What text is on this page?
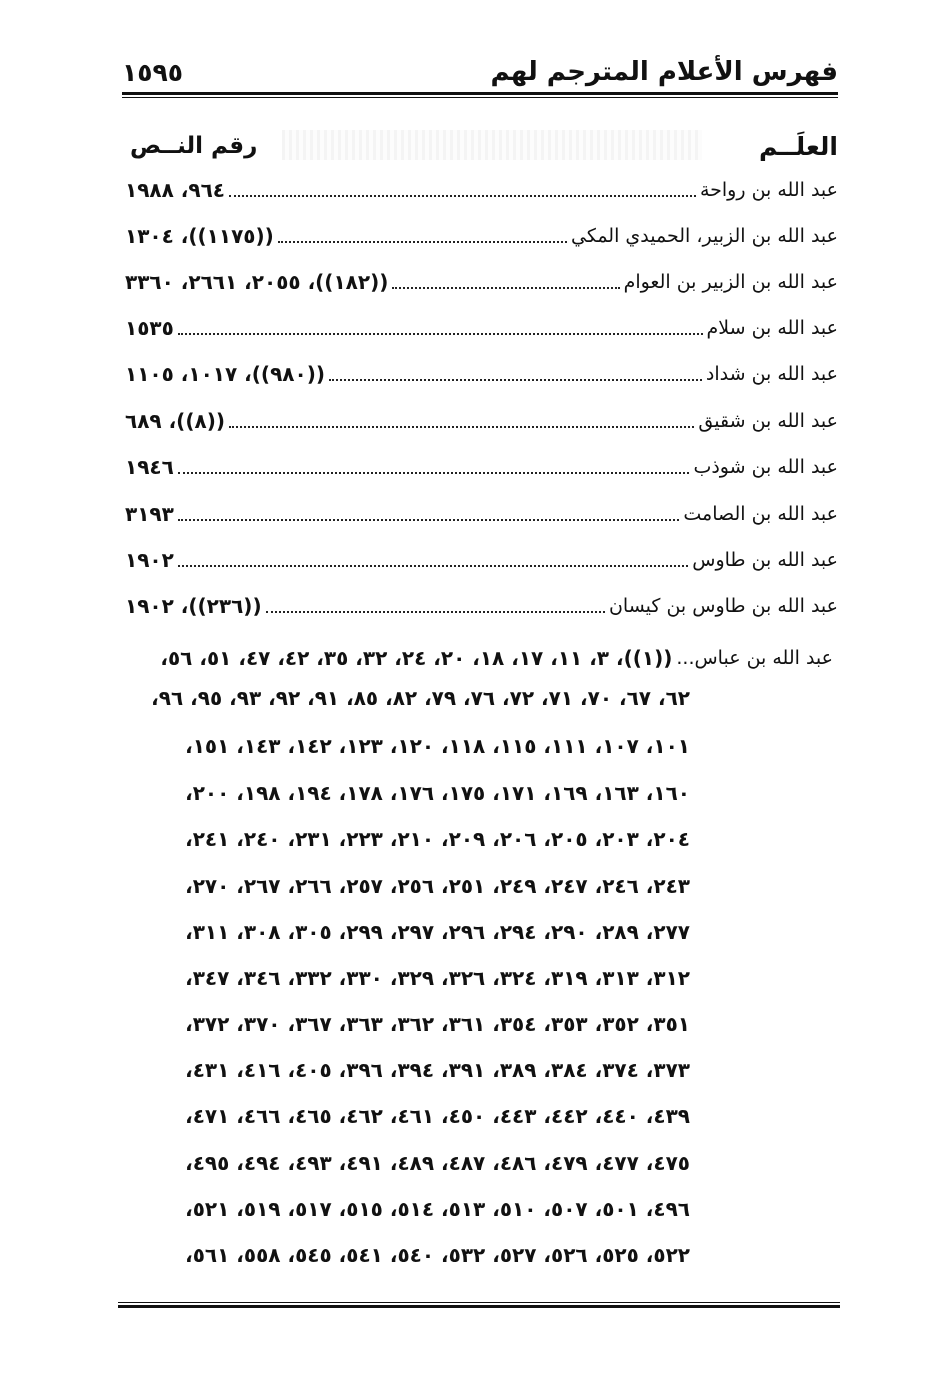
١٥٩٥	فهرس الأعلام المترجم لهم
العلَــم
رقم النــص
عبد الله بن رواحة
٩٦٤، ١٩٨٨
عبد الله بن الزبير، الحميدي المكي
((١١٧٥))، ١٣٠٤
عبد الله بن الزبير بن العوام
((١٨٢))، ٢٠٥٥، ٢٦٦١، ٣٣٦٠
عبد الله بن سلام
١٥٣٥
عبد الله بن شداد
((٩٨٠))، ١٠١٧، ١١٠٥
عبد الله بن شقيق
((٨))، ٦٨٩
عبد الله بن شوذب
١٩٤٦
عبد الله بن الصامت
٣١٩٣
عبد الله بن طاوس
١٩٠٢
عبد الله بن طاوس بن كيسان
((٢٣٦))، ١٩٠٢
عبد الله بن عباس...
((١))، ٣، ١١، ١٧، ١٨، ٢٠، ٢٤، ٣٢، ٣٥، ٤٢، ٤٧، ٥١، ٥٦،
٦٢، ٦٧، ٧٠، ٧١، ٧٢، ٧٦، ٧٩، ٨٢، ٨٥، ٩١، ٩٢، ٩٣، ٩٥، ٩٦،
١٠١، ١٠٧، ١١١، ١١٥، ١١٨، ١٢٠، ١٢٣، ١٤٢، ١٤٣، ١٥١،
١٦٠، ١٦٣، ١٦٩، ١٧١، ١٧٥، ١٧٦، ١٧٨، ١٩٤، ١٩٨، ٢٠٠،
٢٠٤، ٢٠٣، ٢٠٥، ٢٠٦، ٢٠٩، ٢١٠، ٢٢٣، ٢٣١، ٢٤٠، ٢٤١،
٢٤٣، ٢٤٦، ٢٤٧، ٢٤٩، ٢٥١، ٢٥٦، ٢٥٧، ٢٦٦، ٢٦٧، ٢٧٠،
٢٧٧، ٢٨٩، ٢٩٠، ٢٩٤، ٢٩٦، ٢٩٧، ٢٩٩، ٣٠٥، ٣٠٨، ٣١١،
٣١٢، ٣١٣، ٣١٩، ٣٢٤، ٣٢٦، ٣٢٩، ٣٣٠، ٣٣٢، ٣٤٦، ٣٤٧،
٣٥١، ٣٥٢، ٣٥٣، ٣٥٤، ٣٦١، ٣٦٢، ٣٦٣، ٣٦٧، ٣٧٠، ٣٧٢،
٣٧٣، ٣٧٤، ٣٨٤، ٣٨٩، ٣٩١، ٣٩٤، ٣٩٦، ٤٠٥، ٤١٦، ٤٣١،
٤٣٩، ٤٤٠، ٤٤٢، ٤٤٣، ٤٥٠، ٤٦١، ٤٦٢، ٤٦٥، ٤٦٦، ٤٧١،
٤٧٥، ٤٧٧، ٤٧٩، ٤٨٦، ٤٨٧، ٤٨٩، ٤٩١، ٤٩٣، ٤٩٤، ٤٩٥،
٤٩٦، ٥٠١، ٥٠٧، ٥١٠، ٥١٣، ٥١٤، ٥١٥، ٥١٧، ٥١٩، ٥٢١،
٥٢٢، ٥٢٥، ٥٢٦، ٥٢٧، ٥٣٢، ٥٤٠، ٥٤١، ٥٤٥، ٥٥٨، ٥٦١،
